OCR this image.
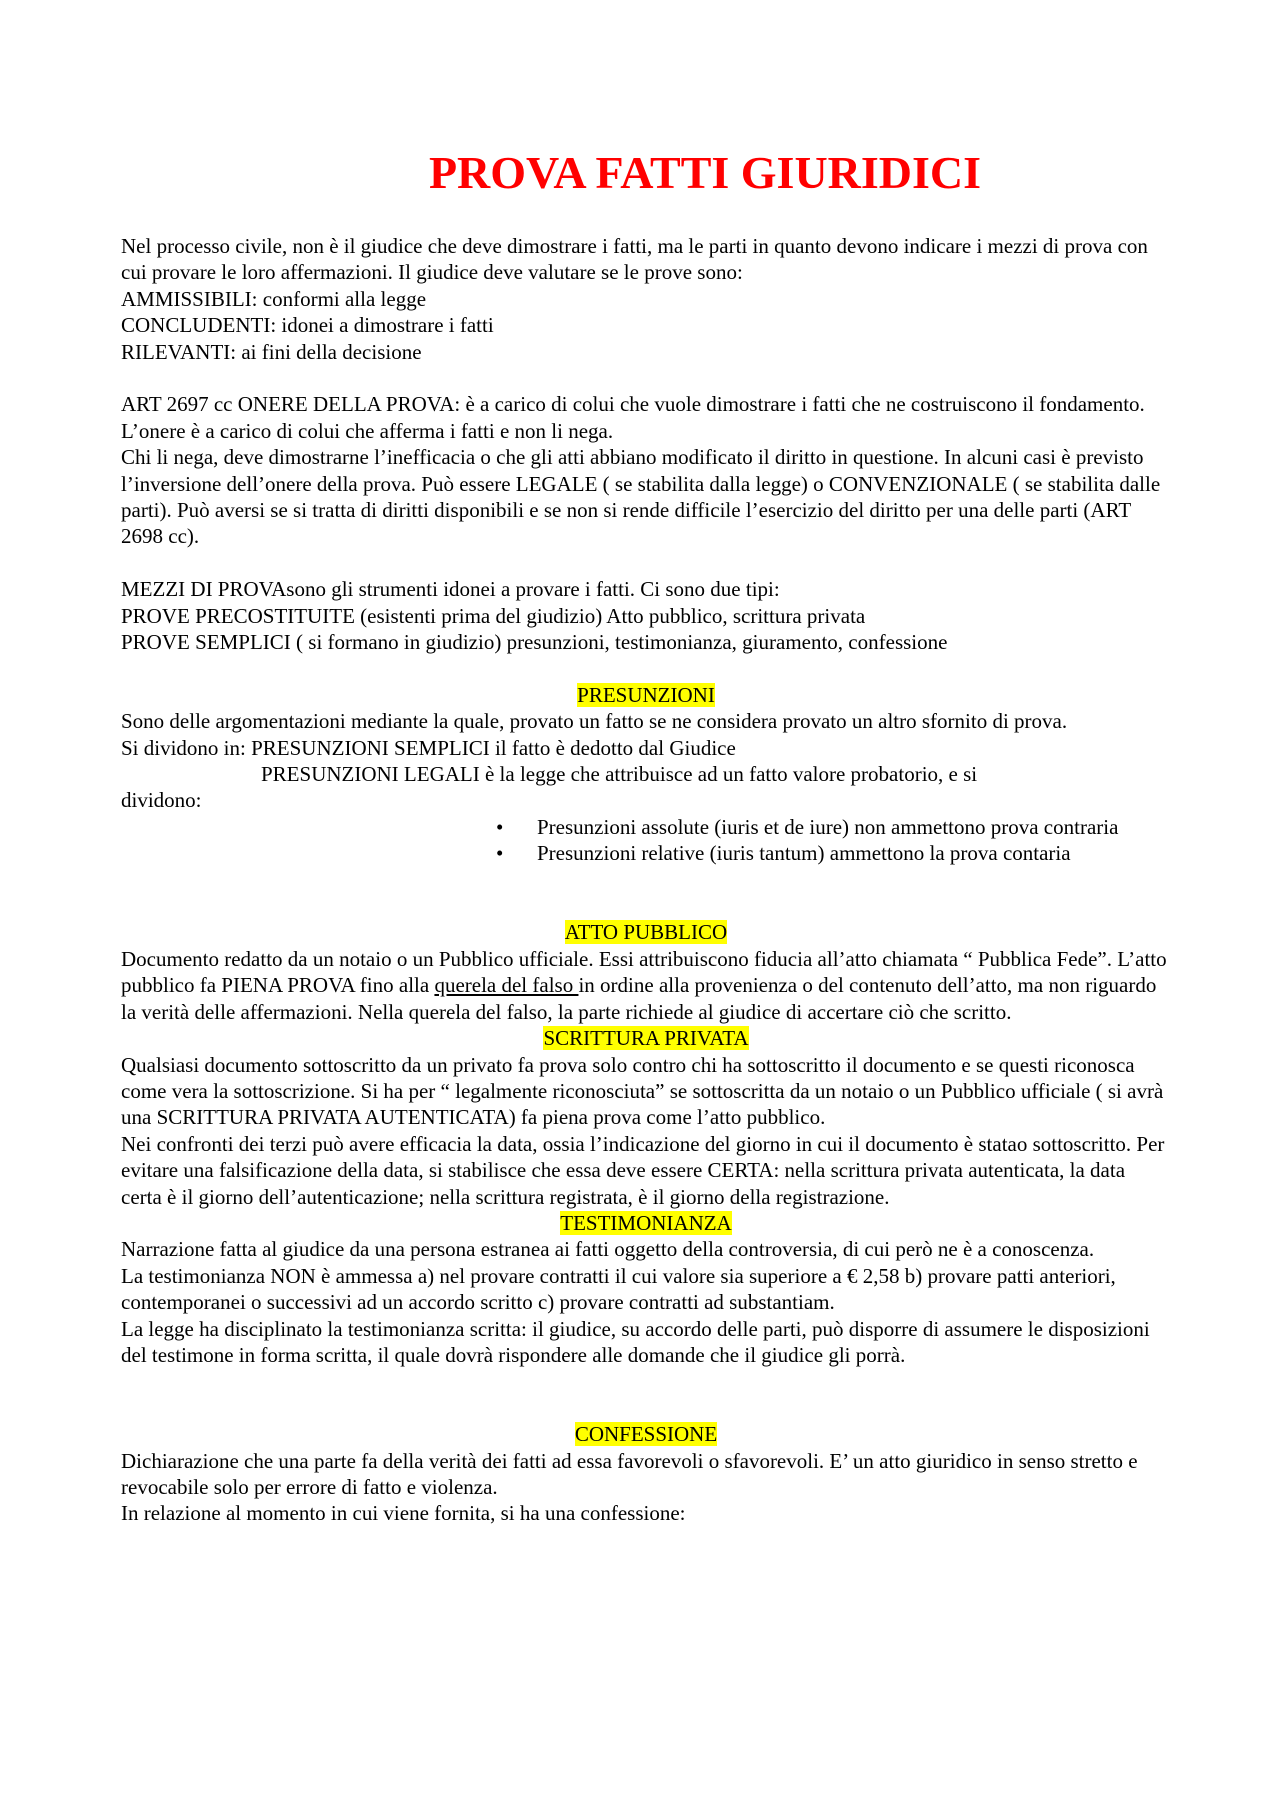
PROVA FATTI GIURIDICI

Nel processo civile, non è il giudice che deve dimostrare i fatti, ma le parti in quanto devono indicare i mezzi di prova con cui provare le loro affermazioni. Il giudice deve valutare se le prove sono:

AMMISSIBILI: conformi alla legge

CONCLUDENTI: idonei a dimostrare i fatti

RILEVANTI: ai fini della decisione

ART 2697 cc ONERE DELLA PROVA: è a carico di colui che vuole dimostrare i fatti che ne costruiscono il fondamento. L’onere è a carico di colui che afferma i fatti e non li nega.

Chi li nega, deve dimostrarne l’inefficacia o che gli atti abbiano modificato il diritto in questione. In alcuni casi è previsto l’inversione dell’onere della prova. Può essere LEGALE ( se stabilita dalla legge) o CONVENZIONALE ( se stabilita dalle parti). Può aversi se si tratta di diritti disponibili e se non si rende difficile l’esercizio del diritto per una delle parti (ART 2698 cc).

MEZZI DI PROVAsono gli strumenti idonei a provare i fatti. Ci sono due tipi:

PROVE PRECOSTITUITE (esistenti prima del giudizio) Atto pubblico, scrittura privata

PROVE SEMPLICI ( si formano in giudizio) presunzioni, testimonianza, giuramento, confessione

PRESUNZIONI

Sono delle argomentazioni mediante la quale, provato un fatto se ne considera provato un altro sfornito di prova.

Si dividono in: PRESUNZIONI SEMPLICI il fatto è dedotto dal Giudice

PRESUNZIONI LEGALI è la legge che attribuisce ad un fatto valore probatorio, e si

dividono:

• Presunzioni assolute (iuris et de iure) non ammettono prova contraria
• Presunzioni relative (iuris tantum) ammettono la prova contaria

ATTO PUBBLICO

Documento redatto da un notaio o un Pubblico ufficiale. Essi attribuiscono fiducia all’atto chiamata “ Pubblica Fede”. L’atto pubblico fa PIENA PROVA fino alla querela del falso in ordine alla provenienza o del contenuto dell’atto, ma non riguardo la verità delle affermazioni. Nella querela del falso, la parte richiede al giudice di accertare ciò che scritto.

SCRITTURA PRIVATA

Qualsiasi documento sottoscritto da un privato fa prova solo contro chi ha sottoscritto il documento e se questi riconosca come vera la sottoscrizione. Si ha per “ legalmente riconosciuta” se sottoscritta da un notaio o un Pubblico ufficiale ( si avrà una SCRITTURA PRIVATA AUTENTICATA) fa piena prova come l’atto pubblico.

Nei confronti dei terzi può avere efficacia la data, ossia l’indicazione del giorno in cui il documento è statao sottoscritto. Per evitare una falsificazione della data, si stabilisce che essa deve essere CERTA: nella scrittura privata autenticata, la data certa è il giorno dell’autenticazione; nella scrittura registrata, è il giorno della registrazione.

TESTIMONIANZA

Narrazione fatta al giudice da una persona estranea ai fatti oggetto della controversia, di cui però ne è a conoscenza.

La testimonianza NON è ammessa a) nel provare contratti il cui valore sia superiore a € 2,58 b) provare patti anteriori, contemporanei o successivi ad un accordo scritto c) provare contratti ad substantiam.

La legge ha disciplinato la testimonianza scritta: il giudice, su accordo delle parti, può disporre di assumere le disposizioni del testimone in forma scritta, il quale dovrà rispondere alle domande che il giudice gli porrà.

CONFESSIONE

Dichiarazione che una parte fa della verità dei fatti ad essa favorevoli o sfavorevoli. E’ un atto giuridico in senso stretto e revocabile solo per errore di fatto e violenza.

In relazione al momento in cui viene fornita, si ha una confessione:
